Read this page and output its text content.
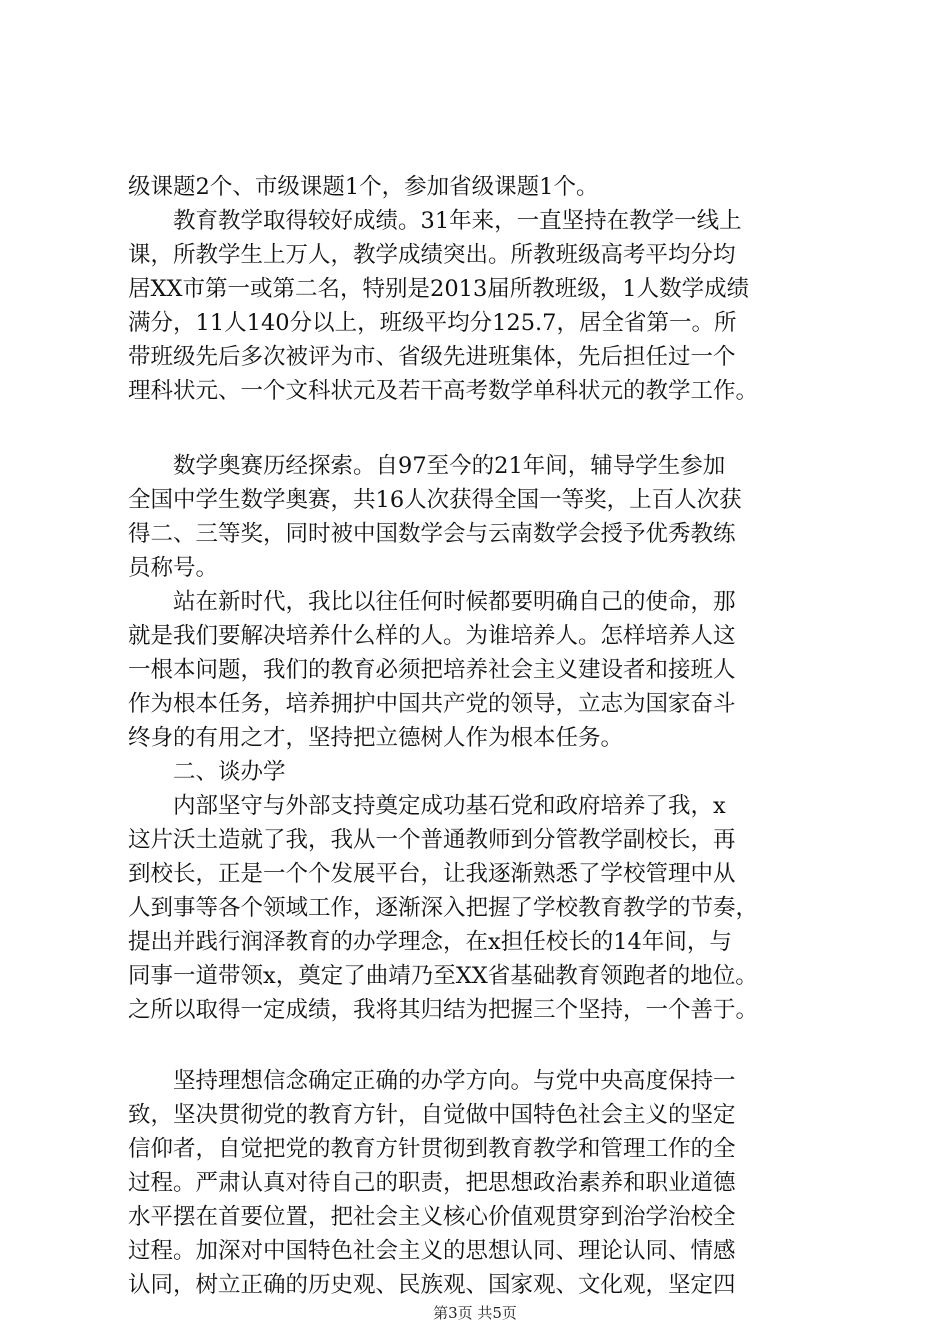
级课题2个、市级课题1个，参加省级课题1个。
　　教育教学取得较好成绩。31年来，一直坚持在教学一线上
课，所教学生上万人，教学成绩突出。所教班级高考平均分均
居XX市第一或第二名，特别是2013届所教班级，1人数学成绩
满分，11人140分以上，班级平均分125.7，居全省第一。所
带班级先后多次被评为市、省级先进班集体，先后担任过一个
理科状元、一个文科状元及若干高考数学单科状元的教学工作。
　　数学奥赛历经探索。自97至今的21年间，辅导学生参加
全国中学生数学奥赛，共16人次获得全国一等奖，上百人次获
得二、三等奖，同时被中国数学会与云南数学会授予优秀教练
员称号。
　　站在新时代，我比以往任何时候都要明确自己的使命，那
就是我们要解决培养什么样的人。为谁培养人。怎样培养人这
一根本问题，我们的教育必须把培养社会主义建设者和接班人
作为根本任务，培养拥护中国共产党的领导，立志为国家奋斗
终身的有用之才，坚持把立德树人作为根本任务。
　　二、谈办学
　　内部坚守与外部支持奠定成功基石党和政府培养了我，x
这片沃土造就了我，我从一个普通教师到分管教学副校长，再
到校长，正是一个个发展平台，让我逐渐熟悉了学校管理中从
人到事等各个领域工作，逐渐深入把握了学校教育教学的节奏，
提出并践行润泽教育的办学理念，在x担任校长的14年间，与
同事一道带领x，奠定了曲靖乃至XX省基础教育领跑者的地位。
之所以取得一定成绩，我将其归结为把握三个坚持，一个善于。
　　坚持理想信念确定正确的办学方向。与党中央高度保持一
致，坚决贯彻党的教育方针，自觉做中国特色社会主义的坚定
信仰者，自觉把党的教育方针贯彻到教育教学和管理工作的全
过程。严肃认真对待自己的职责，把思想政治素养和职业道德
水平摆在首要位置，把社会主义核心价值观贯穿到治学治校全
过程。加深对中国特色社会主义的思想认同、理论认同、情感
认同，树立正确的历史观、民族观、国家观、文化观，坚定四
第3页 共5页
